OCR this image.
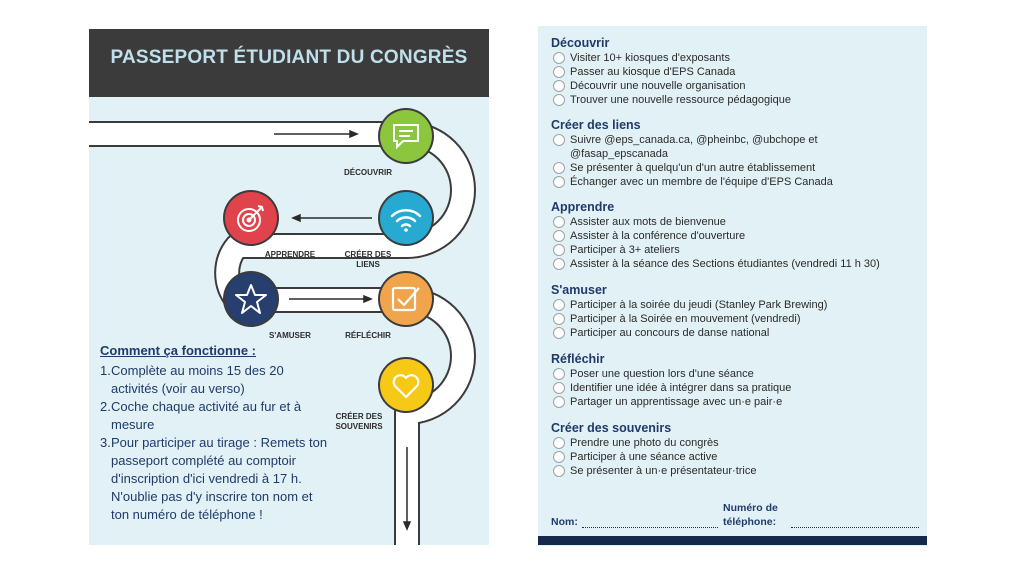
PASSEPORT ÉTUDIANT DU CONGRÈS
DÉCOUVRIR
CRÉER DES LIENS
APPRENDRE
S'AMUSER	RÉFLÉCHIR
CRÉER DES SOUVENIRS
Comment ça fonctionne :
1. Complète au moins 15 des 20 activités (voir au verso)
2. Coche chaque activité au fur et à mesure
3. Pour participer au tirage : Remets ton passeport complété au comptoir d'inscription d'ici vendredi à 17 h. N'oublie pas d'y inscrire ton nom et ton numéro de téléphone !
Découvrir
Visiter 10+ kiosques d'exposants
Passer au kiosque d'EPS Canada
Découvrir une nouvelle organisation
Trouver une nouvelle ressource pédagogique
Créer des liens
Suivre @eps_canada.ca, @pheinbc, @ubchope et @fasap_epscanada
Se présenter à quelqu'un d'un autre établissement
Échanger avec un membre de l'équipe d'EPS Canada
Apprendre
Assister aux mots de bienvenue
Assister à la conférence d'ouverture
Participer à 3+ ateliers
Assister à la séance des Sections étudiantes (vendredi 11 h 30)
S'amuser
Participer à la soirée du jeudi (Stanley Park Brewing)
Participer à la Soirée en mouvement (vendredi)
Participer au concours de danse national
Réfléchir
Poser une question lors d'une séance
Identifier une idée à intégrer dans sa pratique
Partager un apprentissage avec un·e pair·e
Créer des souvenirs
Prendre une photo du congrès
Participer à une séance active
Se présenter à un·e présentateur·trice
Nom:
Numéro de
téléphone:
